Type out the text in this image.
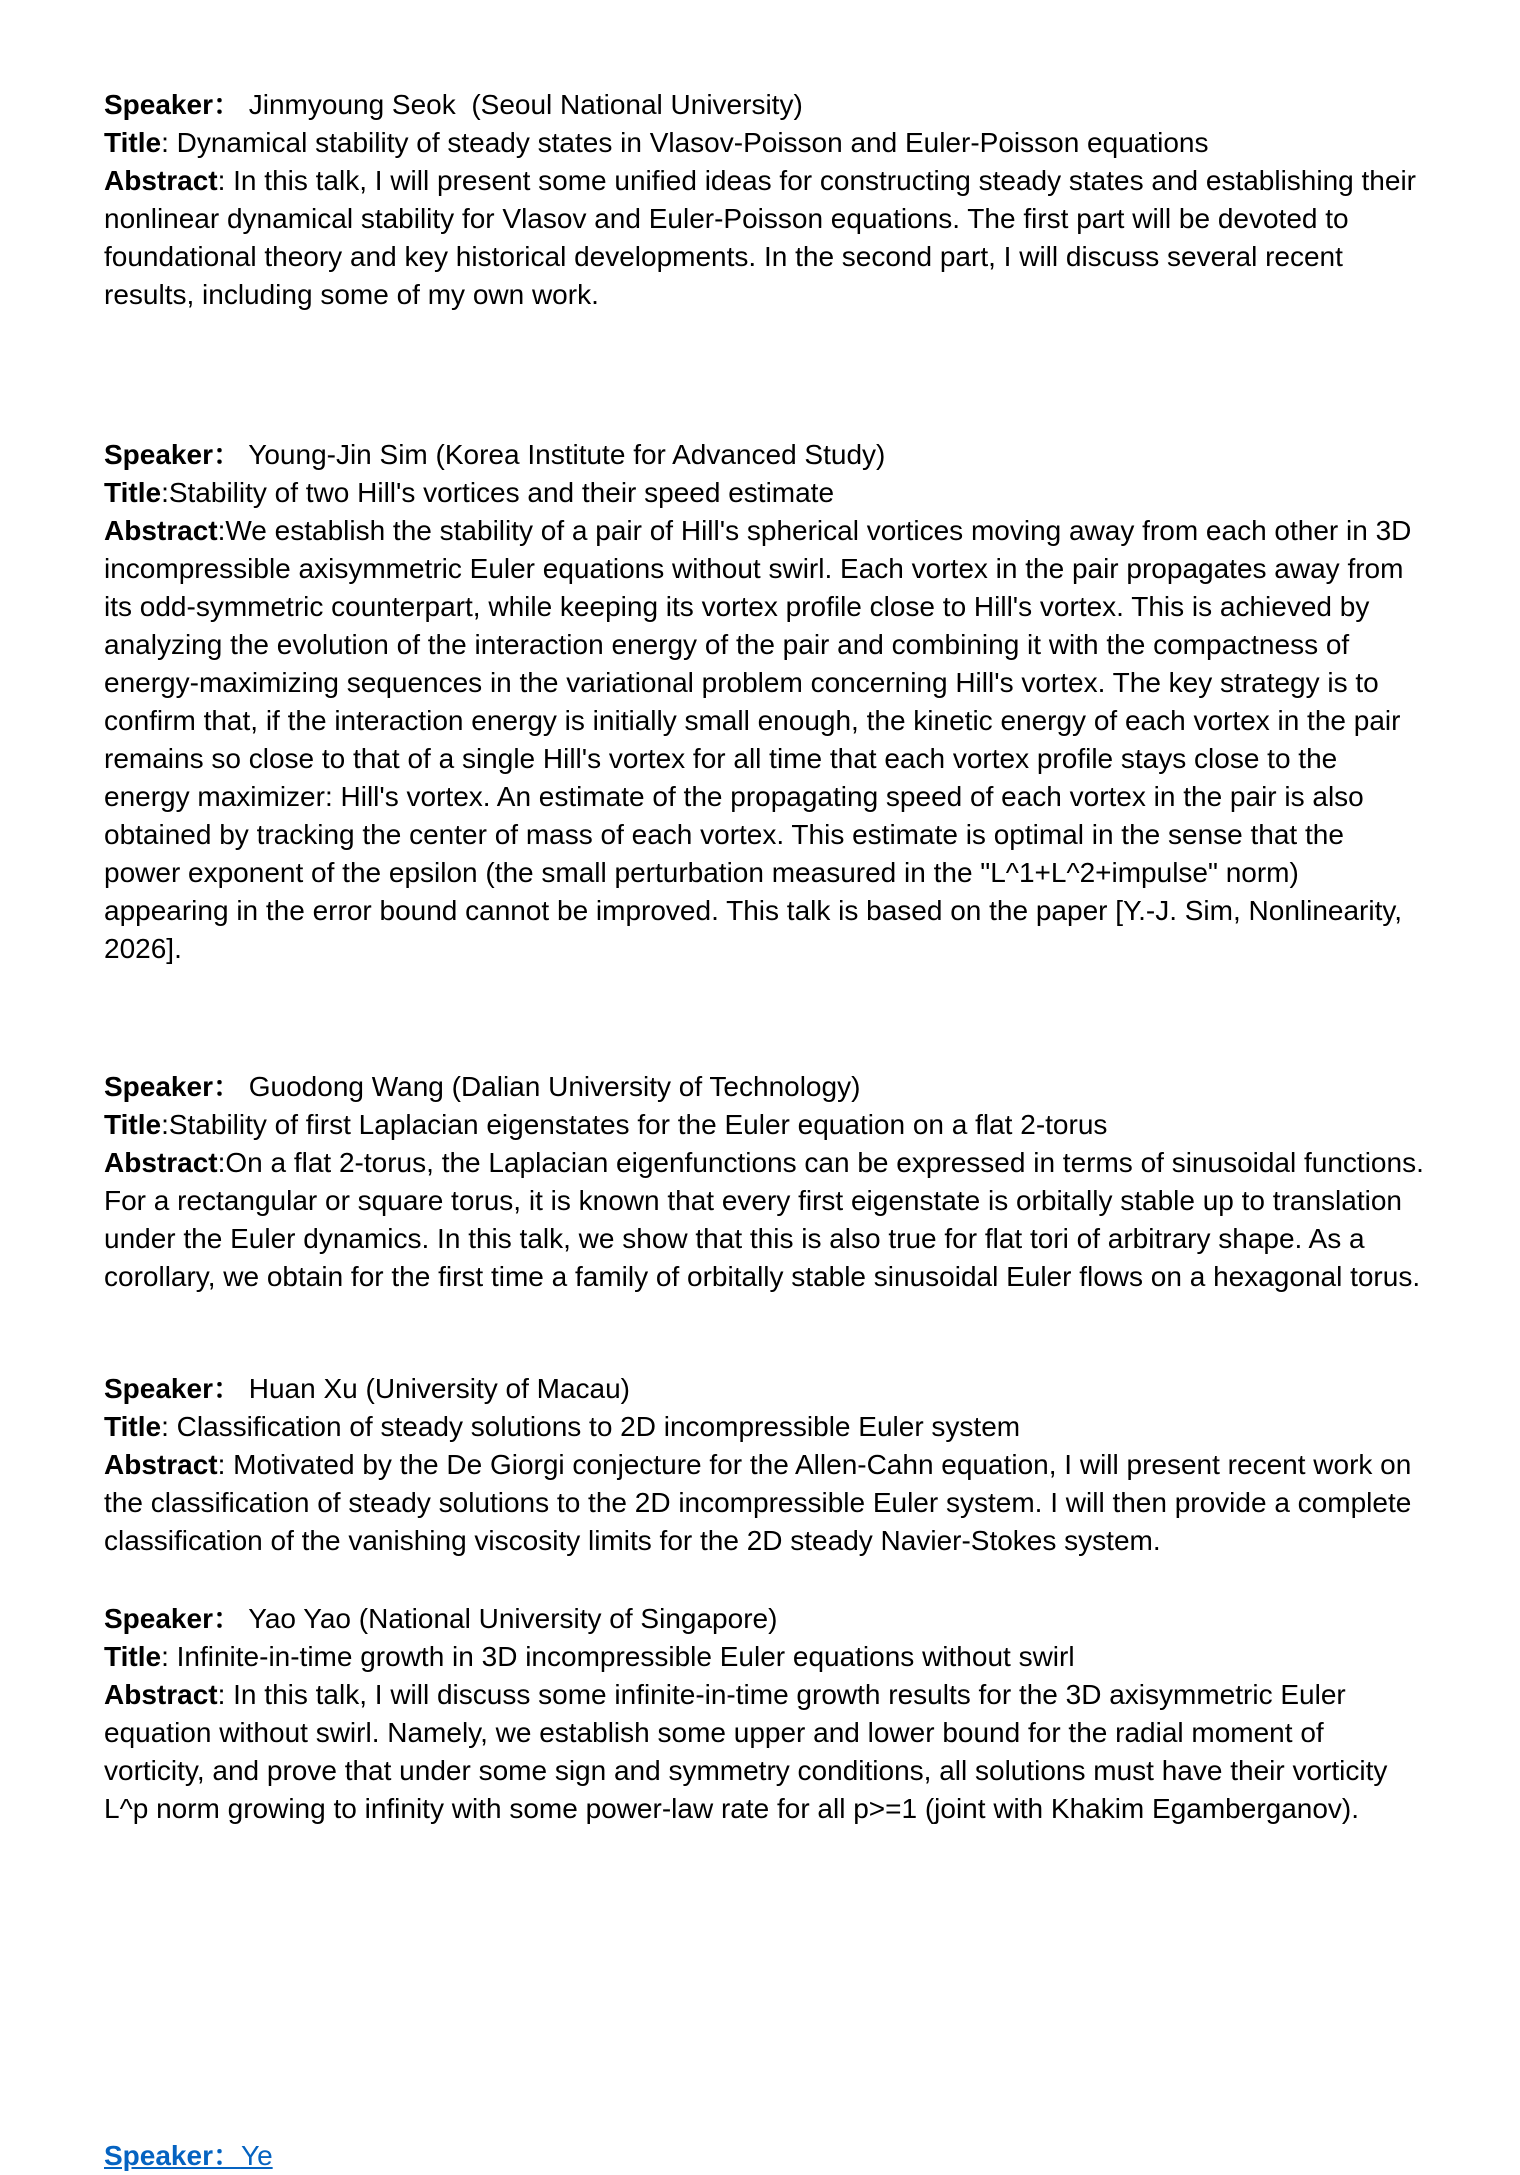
Speaker： Jinmyoung Seok  (Seoul National University)

Title: Dynamical stability of steady states in Vlasov-Poisson and Euler-Poisson equations

Abstract: In this talk, I will present some unified ideas for constructing steady states and establishing their nonlinear dynamical stability for Vlasov and Euler-Poisson equations. The first part will be devoted to foundational theory and key historical developments. In the second part, I will discuss several recent results, including some of my own work.

Speaker： Young-Jin Sim (Korea Institute for Advanced Study)

Title:Stability of two Hill's vortices and their speed estimate

Abstract:We establish the stability of a pair of Hill's spherical vortices moving away from each other in 3D incompressible axisymmetric Euler equations without swirl. Each vortex in the pair propagates away from its odd-symmetric counterpart, while keeping its vortex profile close to Hill's vortex. This is achieved by analyzing the evolution of the interaction energy of the pair and combining it with the compactness of energy-maximizing sequences in the variational problem concerning Hill's vortex. The key strategy is to confirm that, if the interaction energy is initially small enough, the kinetic energy of each vortex in the pair remains so close to that of a single Hill's vortex for all time that each vortex profile stays close to the energy maximizer: Hill's vortex. An estimate of the propagating speed of each vortex in the pair is also obtained by tracking the center of mass of each vortex. This estimate is optimal in the sense that the power exponent of the epsilon (the small perturbation measured in the "L^1+L^2+impulse" norm) appearing in the error bound cannot be improved. This talk is based on the paper [Y.-J. Sim, Nonlinearity, 2026].

Speaker： Guodong Wang (Dalian University of Technology)

Title:Stability of first Laplacian eigenstates for the Euler equation on a flat 2-torus

Abstract:On a flat 2-torus, the Laplacian eigenfunctions can be expressed in terms of sinusoidal functions. For a rectangular or square torus, it is known that every first eigenstate is orbitally stable up to translation under the Euler dynamics. In this talk, we show that this is also true for flat tori of arbitrary shape. As a corollary, we obtain for the first time a family of orbitally stable sinusoidal Euler flows on a hexagonal torus.

Speaker： Huan Xu (University of Macau)

Title: Classification of steady solutions to 2D incompressible Euler system

Abstract: Motivated by the De Giorgi conjecture for the Allen-Cahn equation, I will present recent work on the classification of steady solutions to the 2D incompressible Euler system. I will then provide a complete classification of the vanishing viscosity limits for the 2D steady Navier-Stokes system.

Speaker： Yao Yao (National University of Singapore)

Title: Infinite-in-time growth in 3D incompressible Euler equations without swirl

Abstract: In this talk, I will discuss some infinite-in-time growth results for the 3D axisymmetric Euler equation without swirl. Namely, we establish some upper and lower bound for the radial moment of vorticity, and prove that under some sign and symmetry conditions, all solutions must have their vorticity L^p norm growing to infinity with some power-law rate for all p>=1 (joint with Khakim Egamberganov).

Speaker：Ye
